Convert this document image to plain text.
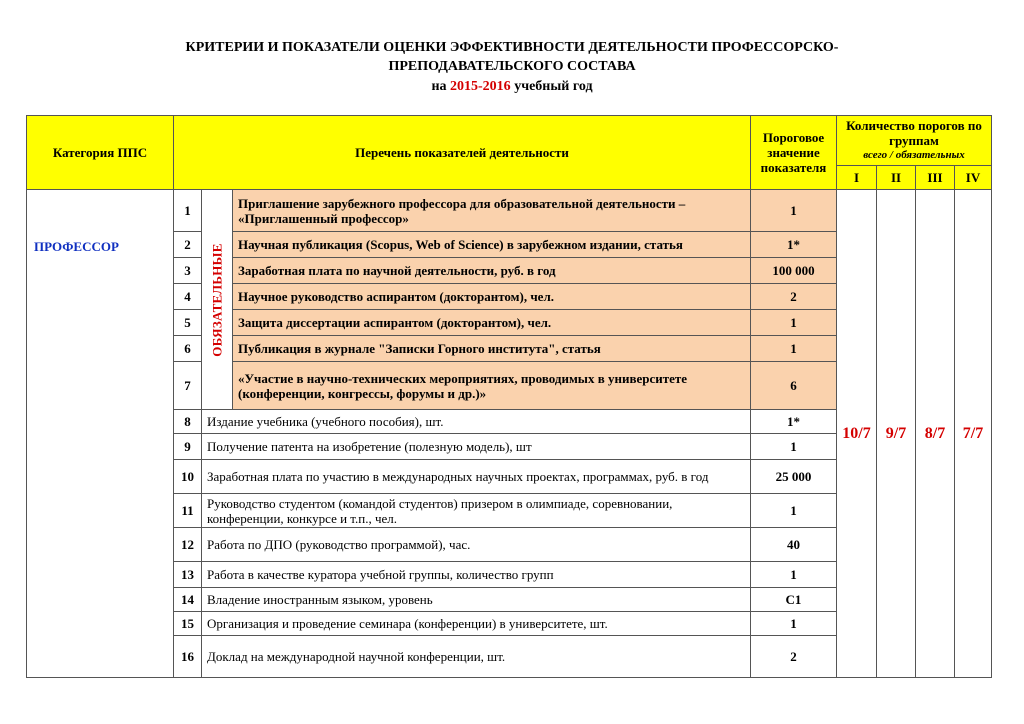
КРИТЕРИИ И ПОКАЗАТЕЛИ ОЦЕНКИ ЭФФЕКТИВНОСТИ ДЕЯТЕЛЬНОСТИ ПРОФЕССОРСКО-
ПРЕПОДАВАТЕЛЬСКОГО СОСТАВА
на 2015-2016 учебный год
Категория ППС	Перечень показателей деятельности			Пороговое значение показателя	Количество порогов по группам
всего / обязательных			

					I	II	III	IV
ПРОФЕССОР	1	ОБЯЗАТЕЛЬНЫЕ	Приглашение зарубежного профессора для образовательной деятельности – «Приглашенный профессор»	1	10/7	9/7	8/7	7/7
	2		Научная публикация (Scopus, Web of Science) в зарубежном издании, статья	1*				
	3		Заработная плата по научной деятельности, руб. в год	100 000				
	4		Научное руководство аспирантом (докторантом), чел.	2				
	5		Защита диссертации аспирантом (докторантом), чел.	1				
	6		Публикация в журнале "Записки Горного института", статья	1				
	7		«Участие в научно-технических мероприятиях, проводимых в университете (конференции, конгрессы, форумы и др.)»	6				
	8	Издание учебника (учебного пособия), шт.		1*				
	9	Получение патента на изобретение (полезную модель), шт		1				
	10	Заработная плата по участию в международных научных проектах, программах, руб. в год		25 000				
	11	Руководство студентом (командой студентов) призером в олимпиаде, соревновании, конференции, конкурсе и т.п., чел.		1				
	12	Работа по ДПО (руководство программой), час.		40				
	13	Работа в качестве куратора учебной группы, количество групп		1				
	14	Владение иностранным языком, уровень		C1				
	15	Организация и проведение семинара (конференции) в университете, шт.		1				
	16	Доклад на международной научной конференции, шт.		2				
